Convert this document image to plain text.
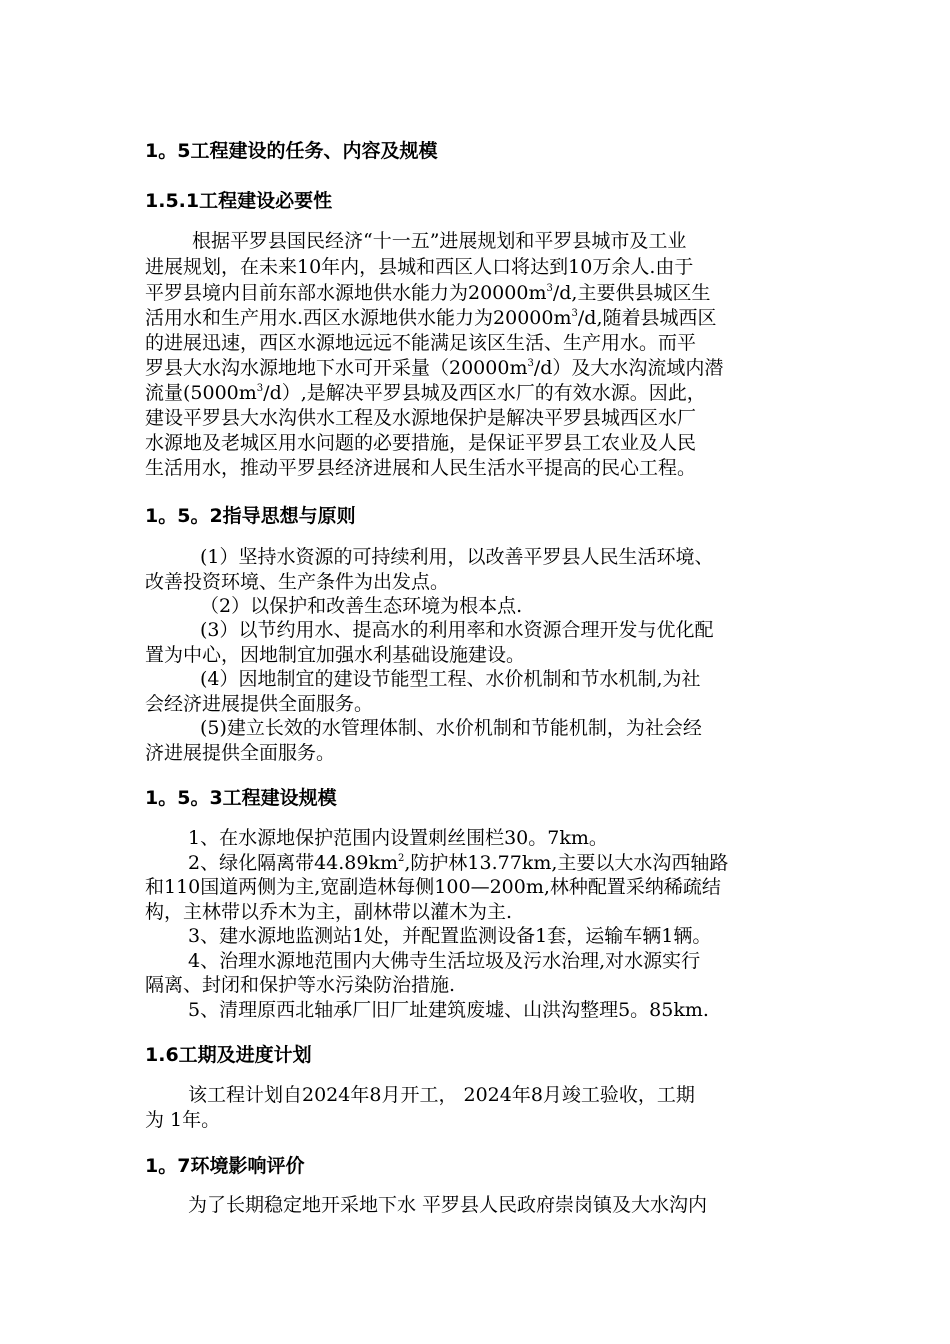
1。5工程建设的任务、内容及规模
1.5.1工程建设必要性
根据平罗县国民经济“十一五”进展规划和平罗县城市及工业
进展规划，在未来10年内，县城和西区人口将达到10万余人.由于
平罗县境内目前东部水源地供水能力为$20000m^3/d$,主要供县城区生
活用水和生产用水.西区水源地供水能力为$20000m^3/d$,随着县城西区
的进展迅速，西区水源地远远不能满足该区生活、生产用水。而平
罗县大水沟水源地地下水可开采量$(20000m^3/d)$及大水沟流域内潜
流量$(5000m^3/d)$,是解决平罗县城及西区水厂的有效水源。因此，
建设平罗县大水沟供水工程及水源地保护是解决平罗县城西区水厂
水源地及老城区用水问题的必要措施，是保证平罗县工农业及人民
生活用水，推动平罗县经济进展和人民生活水平提高的民心工程。
1。5。2指导思想与原则
(1）坚持水资源的可持续利用，以改善平罗县人民生活环境、
改善投资环境、生产条件为出发点。
（2）以保护和改善生态环境为根本点.
(3）以节约用水、提高水的利用率和水资源合理开发与优化配
置为中心，因地制宜加强水利基础设施建设。
(4）因地制宜的建设节能型工程、水价机制和节水机制,为社
会经济进展提供全面服务。
(5)建立长效的水管理体制、水价机制和节能机制，为社会经
济进展提供全面服务。
1。5。3工程建设规模
1、在水源地保护范围内设置刺丝围栏30。7km。
2、绿化隔离带$44.89km^2$,防护林13.77km,主要以大水沟西轴路
和110国道两侧为主,宽副造林每侧100—200m,林种配置采纳稀疏结
构，主林带以乔木为主，副林带以灌木为主.
3、建水源地监测站1处，并配置监测设备1套，运输车辆1辆。
4、治理水源地范围内大佛寺生活垃圾及污水治理,对水源实行
隔离、封闭和保护等水污染防治措施.
5、清理原西北轴承厂旧厂址建筑废墟、山洪沟整理5。85km.
1.6工期及进度计划
该工程计划自2024年8月开工， 2024年8月竣工验收，工期
为 1年。
1。7环境影响评价
为了长期稳定地开采地下水 平罗县人民政府崇岗镇及大水沟内
